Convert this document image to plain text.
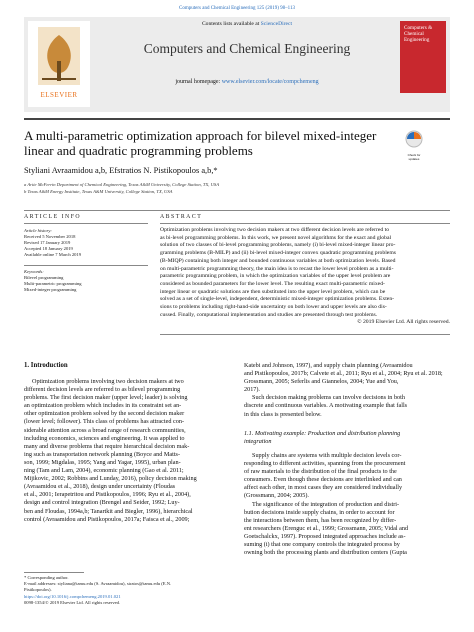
Computers and Chemical Engineering 125 (2019) 98–113
ELSEVIER
Contents lists available at ScienceDirect
Computers and Chemical Engineering
journal homepage: www.elsevier.com/locate/compchemeng
Computers & Chemical Engineering
A multi-parametric optimization approach for bilevel mixed-integer
linear and quadratic programming problems	Check for updates
Styliani Avraamidou a,b, Efstratios N. Pistikopoulos a,b,*
a Artie McFerrin Department of Chemical Engineering, Texas A&M University, College Station, TX, USA
b Texas A&M Energy Institute, Texas A&M University, College Station, TX, USA
ARTICLE INFO
Article history:
Received 5 November 2018
Revised 17 January 2019
Accepted 18 January 2019
Available online 7 March 2019
Keywords:
Bilevel programming
Multi-parametric programming
Mixed-integer programming
ABSTRACT
Optimization problems involving two decision makers at two different decision levels are referred to
as bi-level programming problems. In this work, we present novel algorithms for the exact and global
solution of two classes of bi-level programming problems, namely (i) bi-level mixed-integer linear pro-
gramming problems (B-MILP) and (ii) bi-level mixed-integer convex quadratic programming problems
(B-MIQP) containing both integer and bounded continuous variables at both optimization levels. Based
on multi-parametric programming theory, the main idea is to recast the lower level problem as a multi-
parametric programming problem, in which the optimization variables of the upper level problem are
considered as bounded parameters for the lower level. The resulting exact multi-parametric mixed-
integer linear or quadratic solutions are then substituted into the upper level problem, which can be
solved as a set of single-level, independent, deterministic mixed-integer optimization problems. Exten-
sions to problems including right-hand-side uncertainty on both lower and upper levels are also dis-
cussed. Finally, computational implementation and studies are presented through test problems.
© 2019 Elsevier Ltd. All rights reserved.
1. Introduction
Optimization problems involving two decision makers at two
different decision levels are referred to as bilevel programming
problems. The first decision maker (upper level; leader) is solving
an optimization problem which includes in its constraint set an-
other optimization problem solved by the second decision maker
(lower level; follower). This class of problems has attracted con-
siderable attention across a broad range of research communities,
including economics, sciences and engineering. It was applied to
many and diverse problems that require hierarchical decision mak-
ing such as transportation network planning (Boyce and Matts-
son, 1999; Migdalas, 1995; Yang and Yagar, 1995), urban plan-
ning (Tam and Lam, 2004), economic planning (Gao et al. 2011;
Mijikovic, 2002; Robbins and Lunday, 2016), policy decision making
(Avraamidou et al., 2018), design under uncertainty (Floudas
et al., 2001; Ierapetritou and Pistikopoulos, 1996; Ryu et al., 2004),
design and control integration (Brengel and Seider, 1992; Luy-
ben and Floudas, 1994a,b; Tanartkit and Biegler, 1996), hierarchical
control (Avraamidou and Pistikopoulos, 2017a; Faisca et al., 2009;
* Corresponding author.
E-mail addresses: styliana@tamu.edu (S. Avraamidou), stratos@tamu.edu (E.N.
Pistikopoulos).
https://doi.org/10.1016/j.compchemeng.2019.01.021
0098-1354/© 2019 Elsevier Ltd. All rights reserved.
Katebi and Johnson, 1997), and supply chain planning (Avraamidou
and Pistikopoulos, 2017b; Calvete et al., 2011; Ryu et al., 2004; Ryu et al. 2018;
Grossmann, 2005; Seferlis and Giannelos, 2004; Yue and You,
2017).
Such decision making problems can involve decisions in both
discrete and continuous variables. A motivating example that falls
in this class is presented below.
1.1. Motivating example: Production and distribution planning
integration
Supply chains are systems with multiple decision levels cor-
responding to different activities, spanning from the procurement
of raw materials to the distribution of the final products to the
consumers. Even though these decisions are interlinked and can
affect each other, in most cases they are considered individually
(Grossmann, 2004; 2005).
The significance of the integration of production and distri-
bution decisions inside supply chains, in order to account for
the interactions between them, has been recognized by differ-
ent researchers (Erenguc et al., 1999; Grossmann, 2005; Vidal and
Goetschalckx, 1997). Proposed integrated approaches include as-
suming (i) that one company controls the integrated process by
owning both the processing plants and distribution centers (Gupta
